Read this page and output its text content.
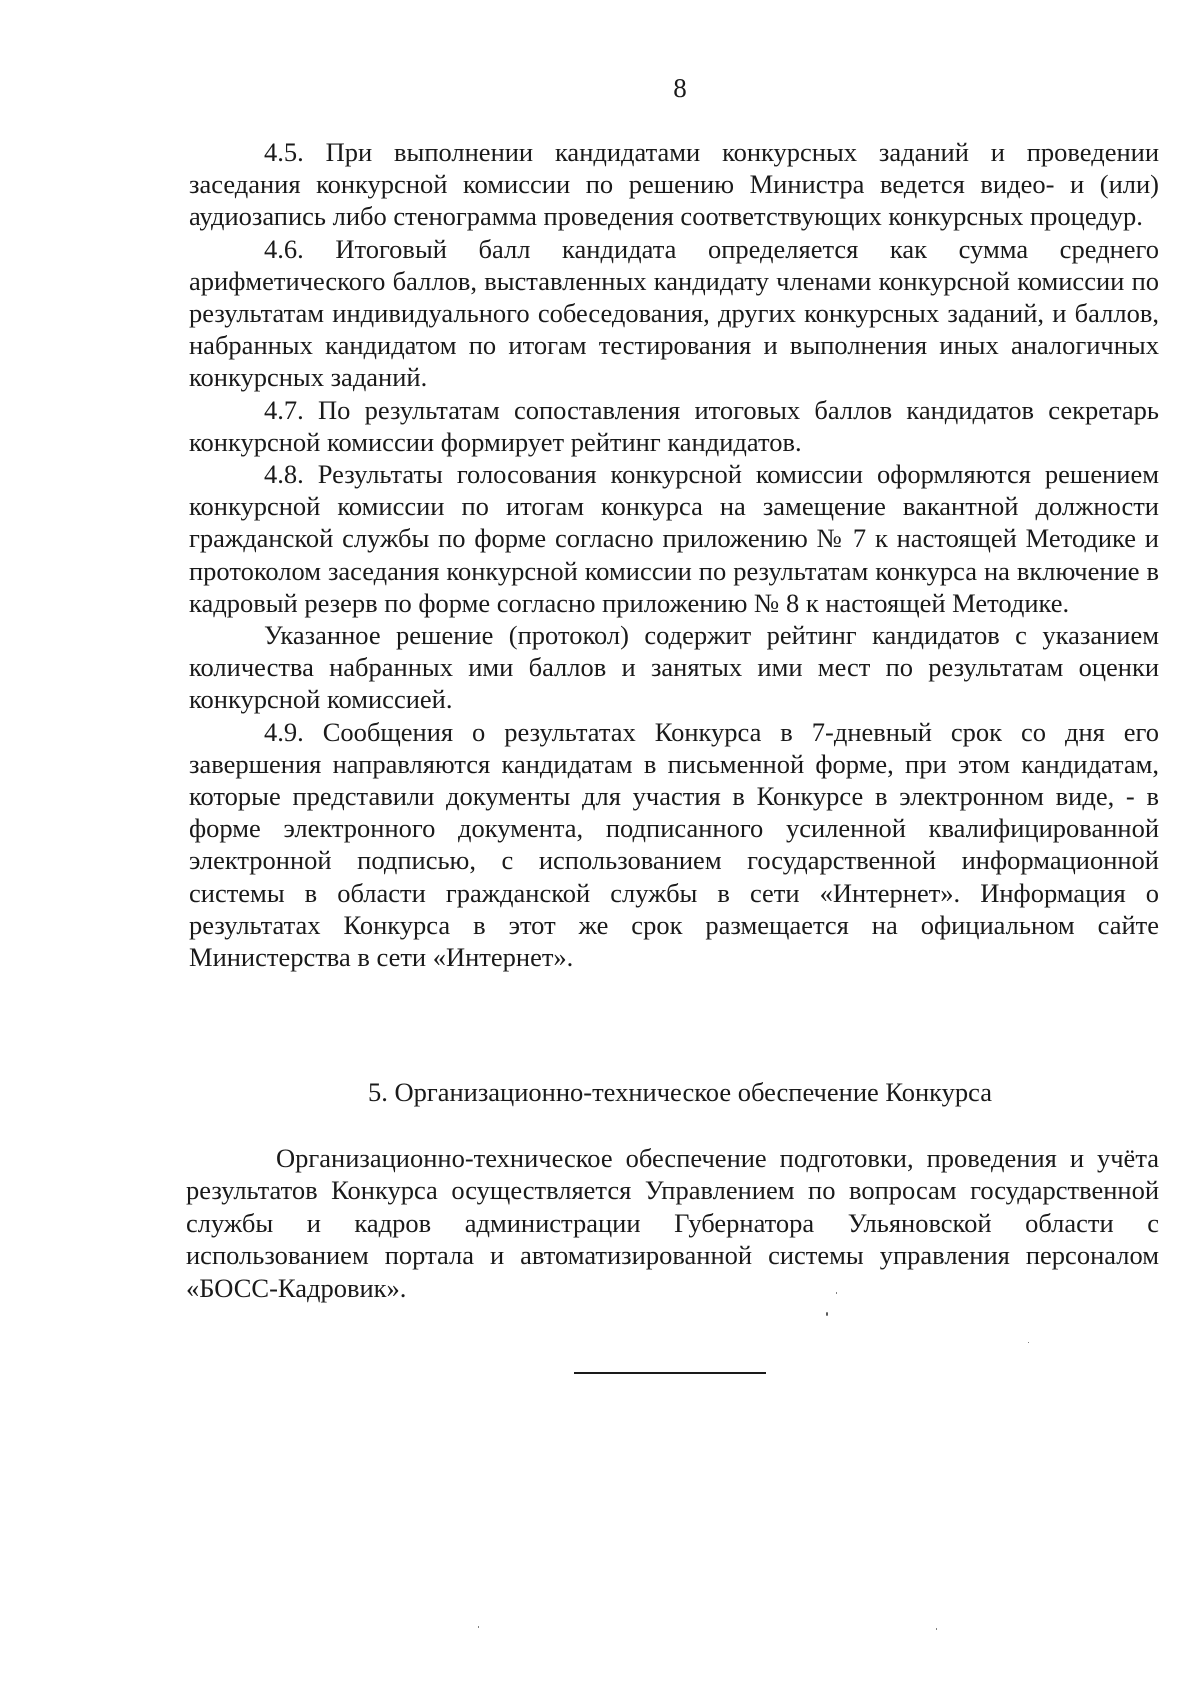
8

4.5. При выполнении кандидатами конкурсных заданий и проведении заседания конкурсной комиссии по решению Министра ведется видео- и (или) аудиозапись либо стенограмма проведения соответствующих конкурсных процедур.

4.6. Итоговый балл кандидата определяется как сумма среднего арифметического баллов, выставленных кандидату членами конкурсной комиссии по результатам индивидуального собеседования, других конкурсных заданий, и баллов, набранных кандидатом по итогам тестирования и выполнения иных аналогичных конкурсных заданий.

4.7. По результатам сопоставления итоговых баллов кандидатов секретарь конкурсной комиссии формирует рейтинг кандидатов.

4.8. Результаты голосования конкурсной комиссии оформляются решением конкурсной комиссии по итогам конкурса на замещение вакантной должности гражданской службы по форме согласно приложению № 7 к настоящей Методике и протоколом заседания конкурсной комиссии по результатам конкурса на включение в кадровый резерв по форме согласно приложению № 8 к настоящей Методике.

Указанное решение (протокол) содержит рейтинг кандидатов с указанием количества набранных ими баллов и занятых ими мест по результатам оценки конкурсной комиссией.

4.9. Сообщения о результатах Конкурса в 7-дневный срок со дня его завершения направляются кандидатам в письменной форме, при этом кандидатам, которые представили документы для участия в Конкурсе в электронном виде, - в форме электронного документа, подписанного усиленной квалифицированной электронной подписью, с использованием государственной информационной системы в области гражданской службы в сети «Интернет». Информация о результатах Конкурса в этот же срок размещается на официальном сайте Министерства в сети «Интернет».

5. Организационно-техническое обеспечение Конкурса

Организационно-техническое обеспечение подготовки, проведения и учёта результатов Конкурса осуществляется Управлением по вопросам государственной службы и кадров администрации Губернатора Ульяновской области с использованием портала и автоматизированной системы управления персоналом «БОСС-Кадровик».
